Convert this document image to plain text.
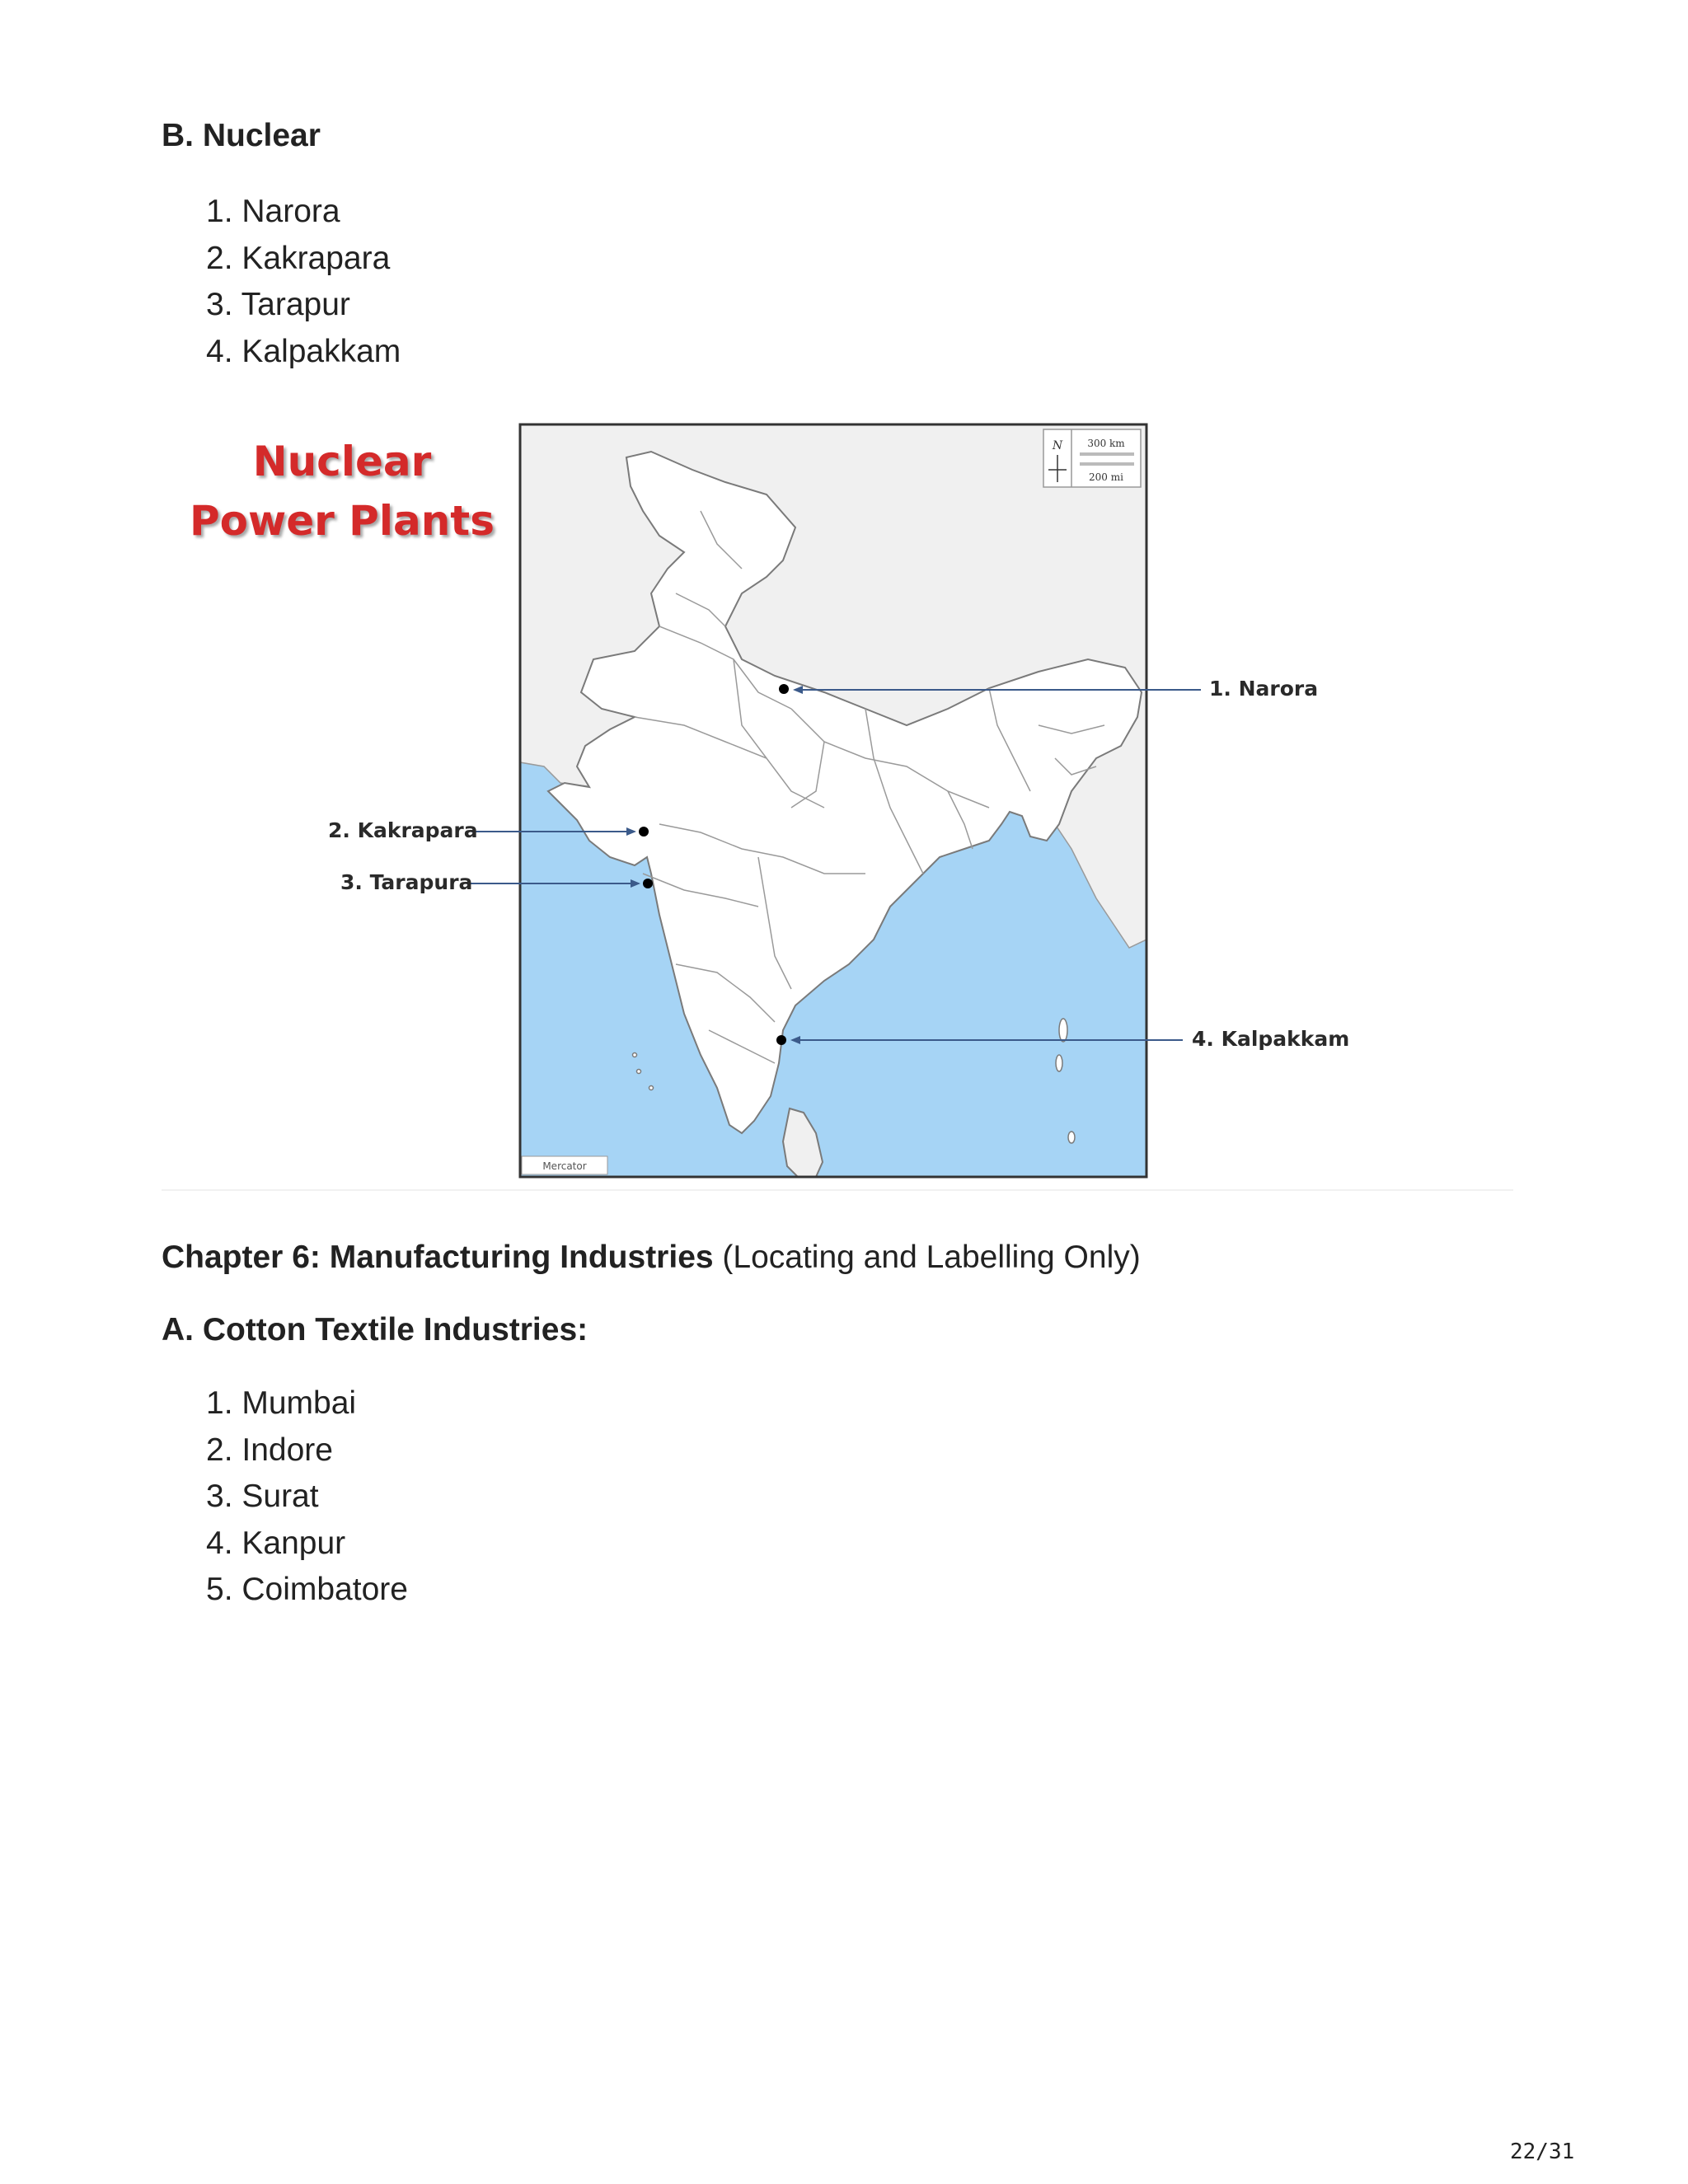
B. Nuclear
1. Narora
2. Kakrapara
3. Tarapur
4. Kalpakkam
Nuclear
Power Plants
N	300 km
200 mi
Mercator
1. Narora
2. Kakrapara
3. Tarapura
4. Kalpakkam
Chapter 6: Manufacturing Industries (Locating and Labelling Only)
A. Cotton Textile Industries:
1. Mumbai
2. Indore
3. Surat
4. Kanpur
5. Coimbatore
22/31
